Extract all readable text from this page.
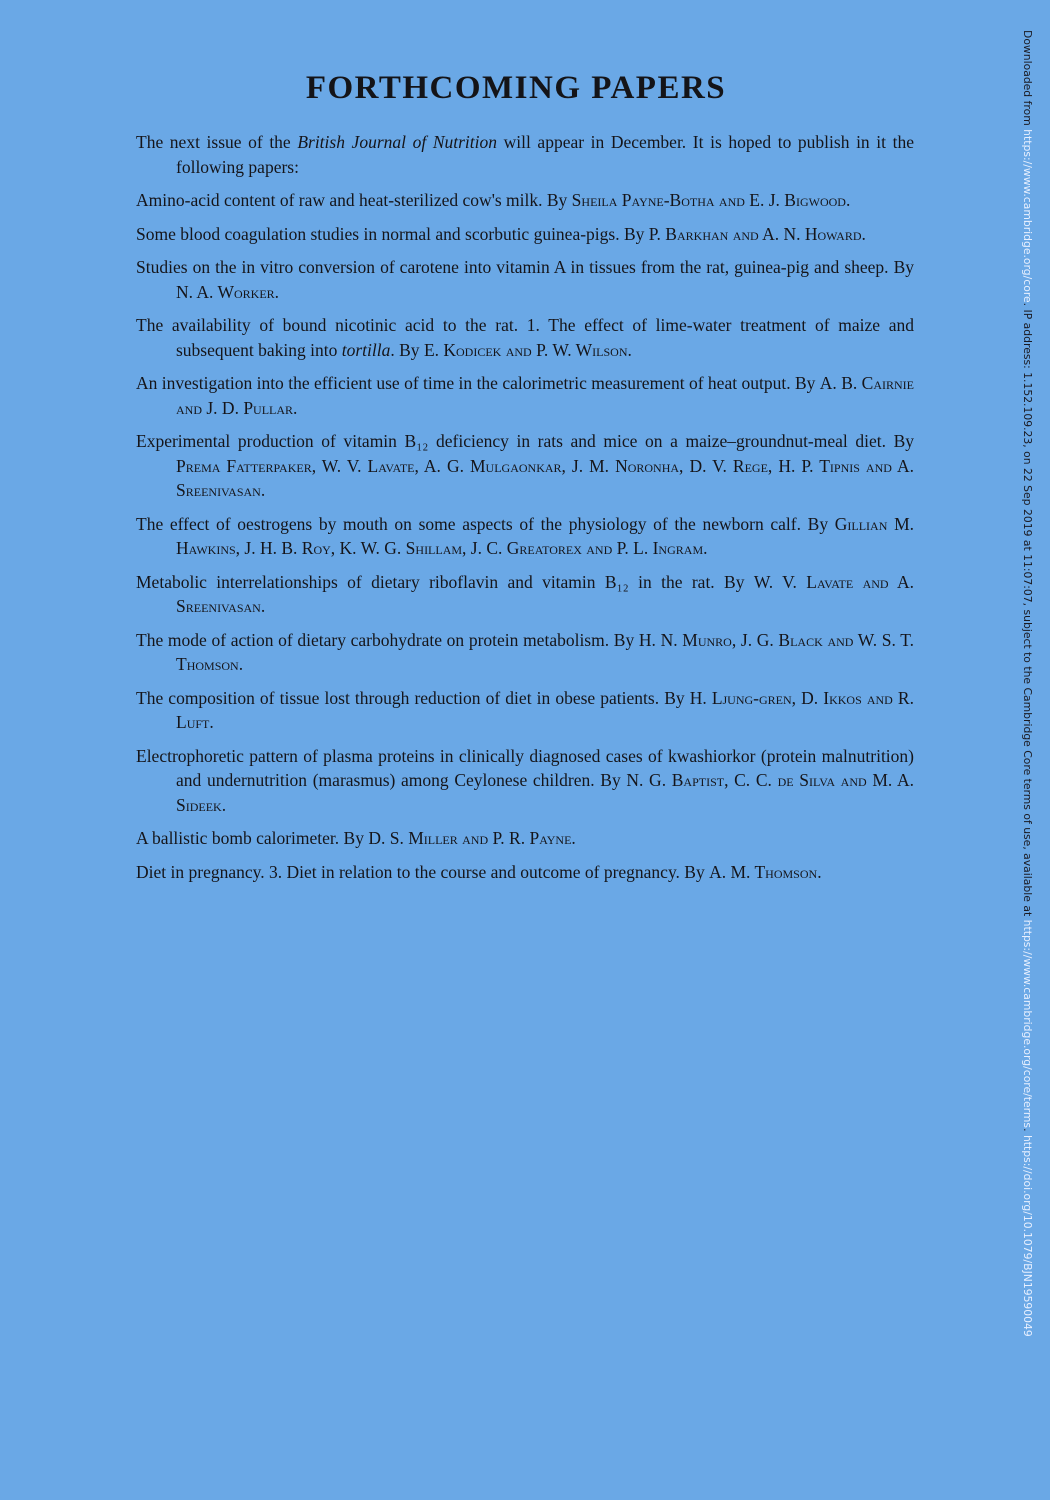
FORTHCOMING PAPERS

The next issue of the British Journal of Nutrition will appear in December. It is hoped to publish in it the following papers:

Amino-acid content of raw and heat-sterilized cow's milk. By Sheila Payne-Botha and E. J. Bigwood.

Some blood coagulation studies in normal and scorbutic guinea-pigs. By P. Barkhan and A. N. Howard.

Studies on the in vitro conversion of carotene into vitamin A in tissues from the rat, guinea-pig and sheep. By N. A. Worker.

The availability of bound nicotinic acid to the rat. 1. The effect of lime-water treatment of maize and subsequent baking into tortilla. By E. Kodicek and P. W. Wilson.

An investigation into the efficient use of time in the calorimetric measurement of heat output. By A. B. Cairnie and J. D. Pullar.

Experimental production of vitamin B₁₂ deficiency in rats and mice on a maize–groundnut-meal diet. By Prema Fatterpaker, W. V. Lavate, A. G. Mulgaonkar, J. M. Noronha, D. V. Rege, H. P. Tipnis and A. Sreenivasan.

The effect of oestrogens by mouth on some aspects of the physiology of the newborn calf. By Gillian M. Hawkins, J. H. B. Roy, K. W. G. Shillam, J. C. Greatorex and P. L. Ingram.

Metabolic interrelationships of dietary riboflavin and vitamin B₁₂ in the rat. By W. V. Lavate and A. Sreenivasan.

The mode of action of dietary carbohydrate on protein metabolism. By H. N. Munro, J. G. Black and W. S. T. Thomson.

The composition of tissue lost through reduction of diet in obese patients. By H. Ljung-gren, D. Ikkos and R. Luft.

Electrophoretic pattern of plasma proteins in clinically diagnosed cases of kwashiorkor (protein malnutrition) and undernutrition (marasmus) among Ceylonese children. By N. G. Baptist, C. C. de Silva and M. A. Sideek.

A ballistic bomb calorimeter. By D. S. Miller and P. R. Payne.

Diet in pregnancy. 3. Diet in relation to the course and outcome of pregnancy. By A. M. Thomson.

Downloaded from https://www.cambridge.org/core. IP address: 1.152.109.23, on 22 Sep 2019 at 11:07:07, subject to the Cambridge Core terms of use, available at https://www.cambridge.org/core/terms. https://doi.org/10.1079/BJN19590049
